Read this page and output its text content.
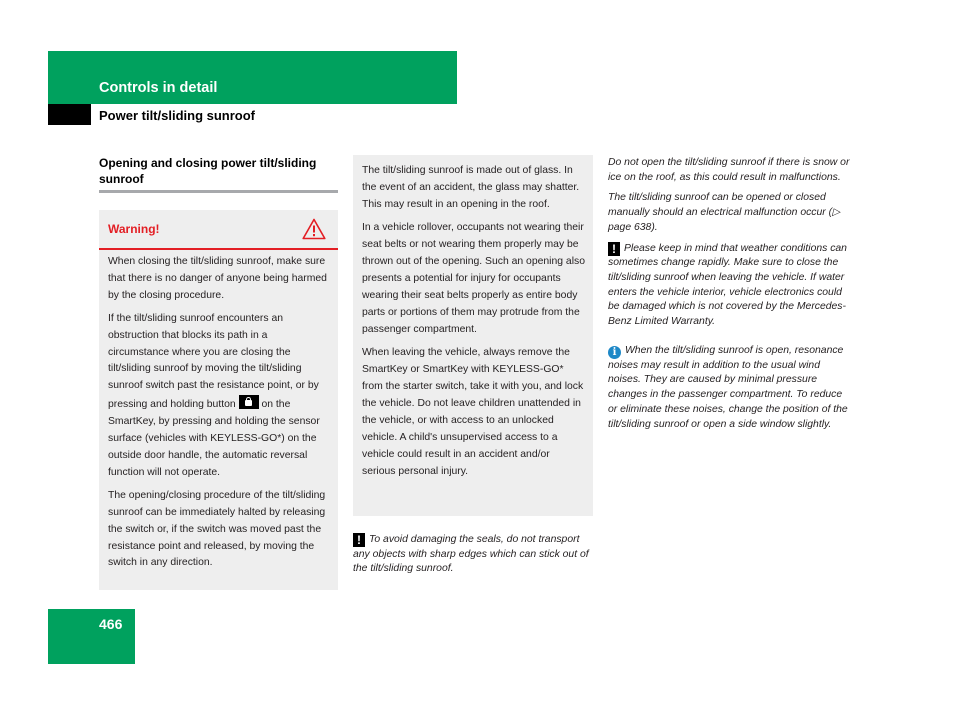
Controls in detail
Power tilt/sliding sunroof
Opening and closing power tilt/sliding sunroof
Warning!

When closing the tilt/sliding sunroof, make sure that there is no danger of anyone being harmed by the closing procedure.

If the tilt/sliding sunroof encounters an obstruction that blocks its path in a circumstance where you are closing the tilt/sliding sunroof by moving the tilt/sliding sunroof switch past the resistance point, or by pressing and holding button on the SmartKey, by pressing and holding the sensor surface (vehicles with KEYLESS-GO*) on the outside door handle, the automatic reversal function will not operate.

The opening/closing procedure of the tilt/sliding sunroof can be immediately halted by releasing the switch or, if the switch was moved past the resistance point and released, by moving the switch in any direction.

The tilt/sliding sunroof is made out of glass. In the event of an accident, the glass may shatter. This may result in an opening in the roof.

In a vehicle rollover, occupants not wearing their seat belts or not wearing them properly may be thrown out of the opening. Such an opening also presents a potential for injury for occupants wearing their seat belts properly as entire body parts or portions of them may protrude from the passenger compartment.

When leaving the vehicle, always remove the SmartKey or SmartKey with KEYLESS-GO* from the starter switch, take it with you, and lock the vehicle. Do not leave children unattended in the vehicle, or with access to an unlocked vehicle. A child's unsupervised access to a vehicle could result in an accident and/or serious personal injury.

! To avoid damaging the seals, do not transport any objects with sharp edges which can stick out of the tilt/sliding sunroof.

Do not open the tilt/sliding sunroof if there is snow or ice on the roof, as this could result in malfunctions.

The tilt/sliding sunroof can be opened or closed manually should an electrical malfunction occur (▷ page 638).

! Please keep in mind that weather conditions can sometimes change rapidly. Make sure to close the tilt/sliding sunroof when leaving the vehicle. If water enters the vehicle interior, vehicle electronics could be damaged which is not covered by the Mercedes-Benz Limited Warranty.

i When the tilt/sliding sunroof is open, resonance noises may result in addition to the usual wind noises. They are caused by minimal pressure changes in the passenger compartment. To reduce or eliminate these noises, change the position of the tilt/sliding sunroof or open a side window slightly.

466
